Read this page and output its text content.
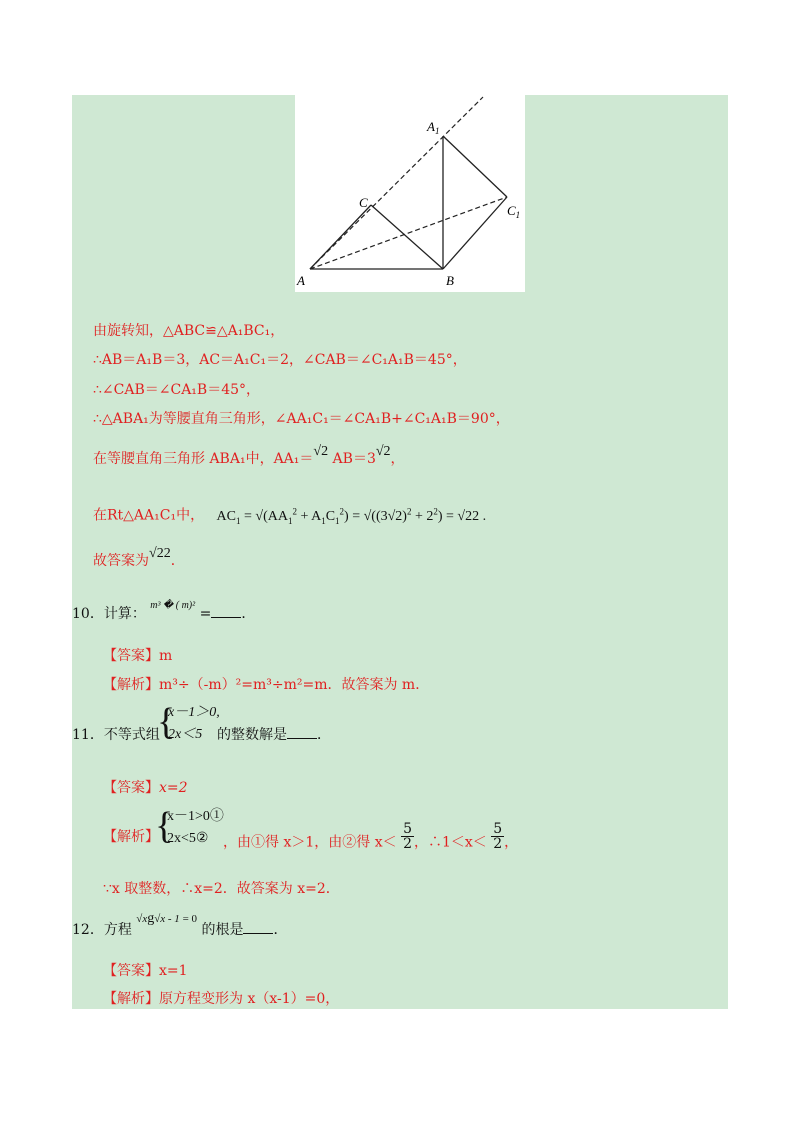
$A_1$
$C_1$
C
A	B
由旋转知，△ABC≌△A₁BC₁，
∴AB＝A₁B＝3，AC＝A₁C₁＝2，∠CAB＝∠C₁A₁B＝45°，
∴∠CAB＝∠CA₁B＝45°，
∴△ABA₁为等腰直角三角形，∠AA₁C₁＝∠CA₁B+∠C₁A₁B＝90°，
在等腰直角三角形 ABA₁中，AA₁＝√2 AB＝3√2，
在Rt△AA₁C₁中， $AC_1 = √(AA_1^2 + A_1C_1^2) = √((3√2)^2 + 2^2) = √22$ .
故答案为√22．
10．计算： $^{m^3 � ( m)^2}$ = ．
【答案】m
【解析】m³÷（-m）²=m³÷m²=m．故答案为 m．
11．不等式组
{
x－1＞0,
2x＜5 的整数解是 ．
【答案】x=2
【解析】
{
x－1>0①
2x<5② ，由①得 x＞1，由②得 $x< \frac{5}{2}$，∴1＜x＜ $\frac{5}{2}$，
∵x 取整数，∴x=2．故答案为 x=2．
12．方程 $^{√xg√x - 1 = 0}$ 的根是 ．
【答案】x=1
【解析】原方程变形为 x（x-1）=0，
